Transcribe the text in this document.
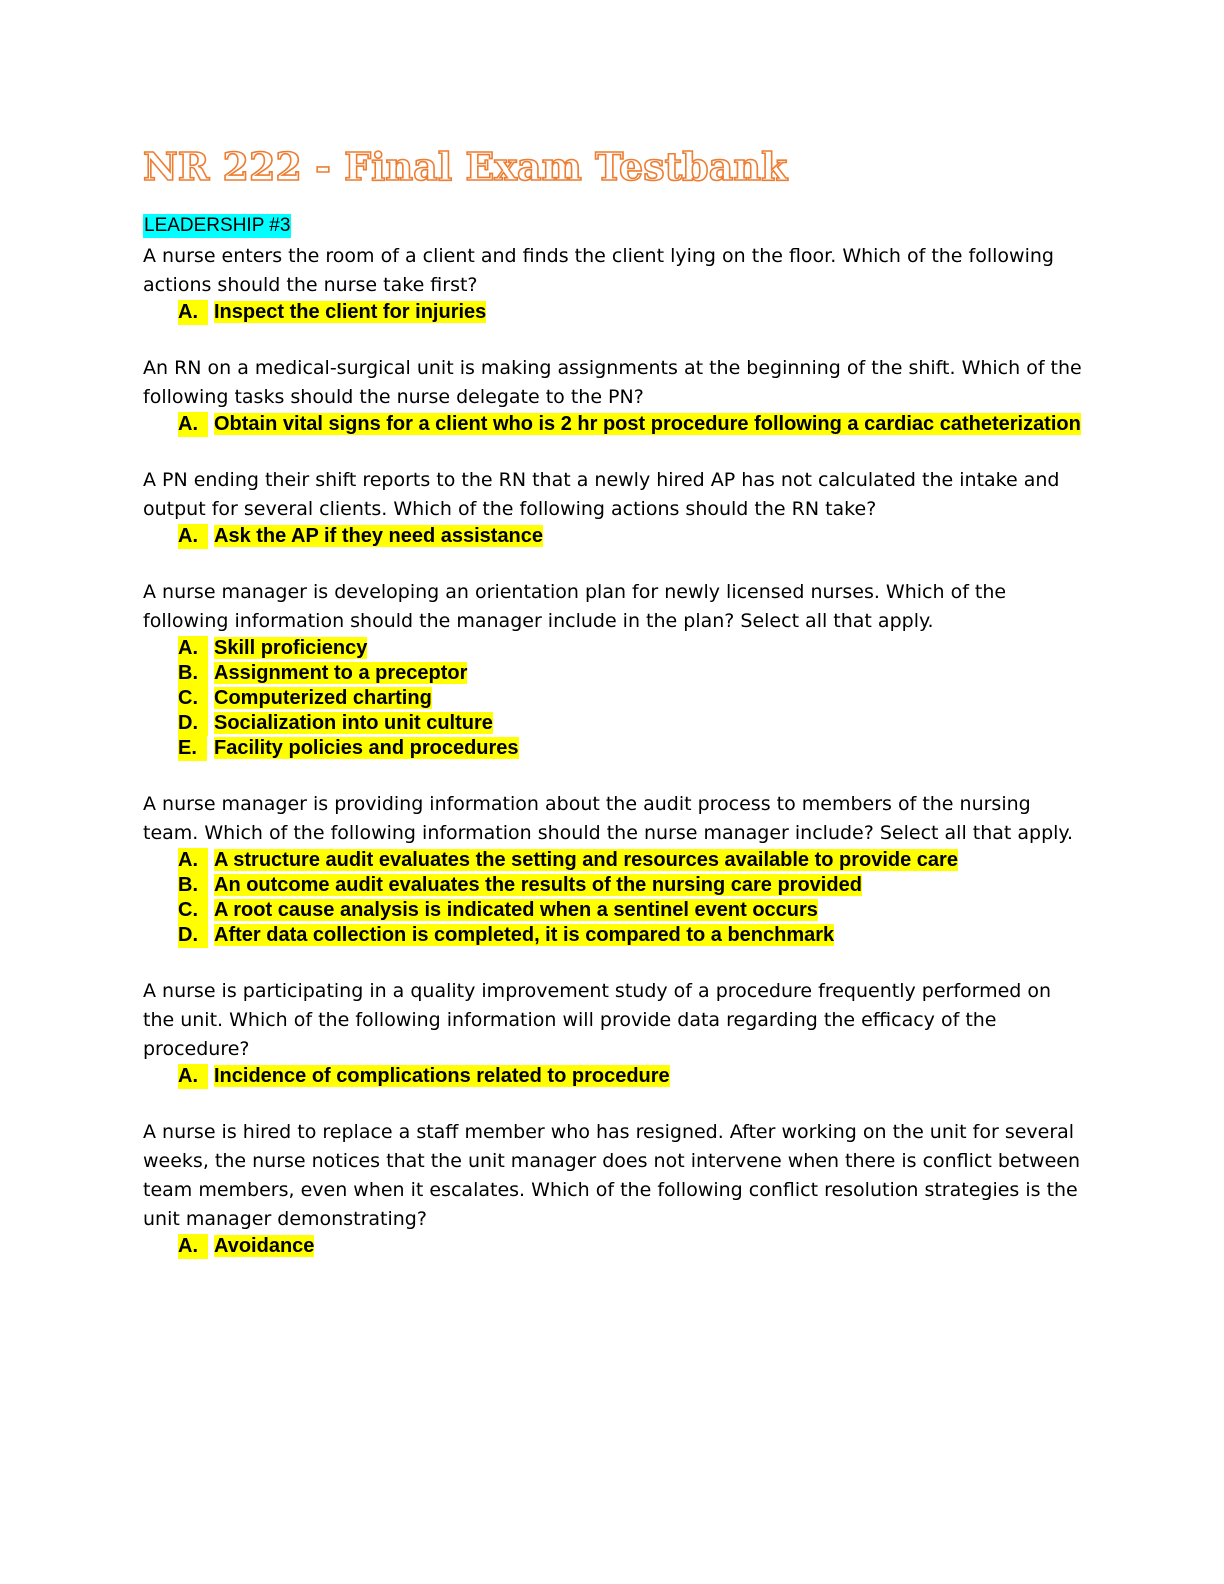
NR 222 - Final Exam Testbank
LEADERSHIP #3

A nurse enters the room of a client and finds the client lying on the floor. Which of the following actions should the nurse take first?

A. Inspect the client for injuries

An RN on a medical-surgical unit is making assignments at the beginning of the shift. Which of the following tasks should the nurse delegate to the PN?

A. Obtain vital signs for a client who is 2 hr post procedure following a cardiac catheterization

A PN ending their shift reports to the RN that a newly hired AP has not calculated the intake and output for several clients. Which of the following actions should the RN take?

A. Ask the AP if they need assistance

A nurse manager is developing an orientation plan for newly licensed nurses. Which of the following information should the manager include in the plan? Select all that apply.

A. Skill proficiency
B. Assignment to a preceptor
C. Computerized charting
D. Socialization into unit culture
E. Facility policies and procedures

A nurse manager is providing information about the audit process to members of the nursing team. Which of the following information should the nurse manager include? Select all that apply.

A. A structure audit evaluates the setting and resources available to provide care
B. An outcome audit evaluates the results of the nursing care provided
C. A root cause analysis is indicated when a sentinel event occurs
D. After data collection is completed, it is compared to a benchmark

A nurse is participating in a quality improvement study of a procedure frequently performed on the unit. Which of the following information will provide data regarding the efficacy of the procedure?

A. Incidence of complications related to procedure

A nurse is hired to replace a staff member who has resigned. After working on the unit for several weeks, the nurse notices that the unit manager does not intervene when there is conflict between team members, even when it escalates. Which of the following conflict resolution strategies is the unit manager demonstrating?

A. Avoidance
